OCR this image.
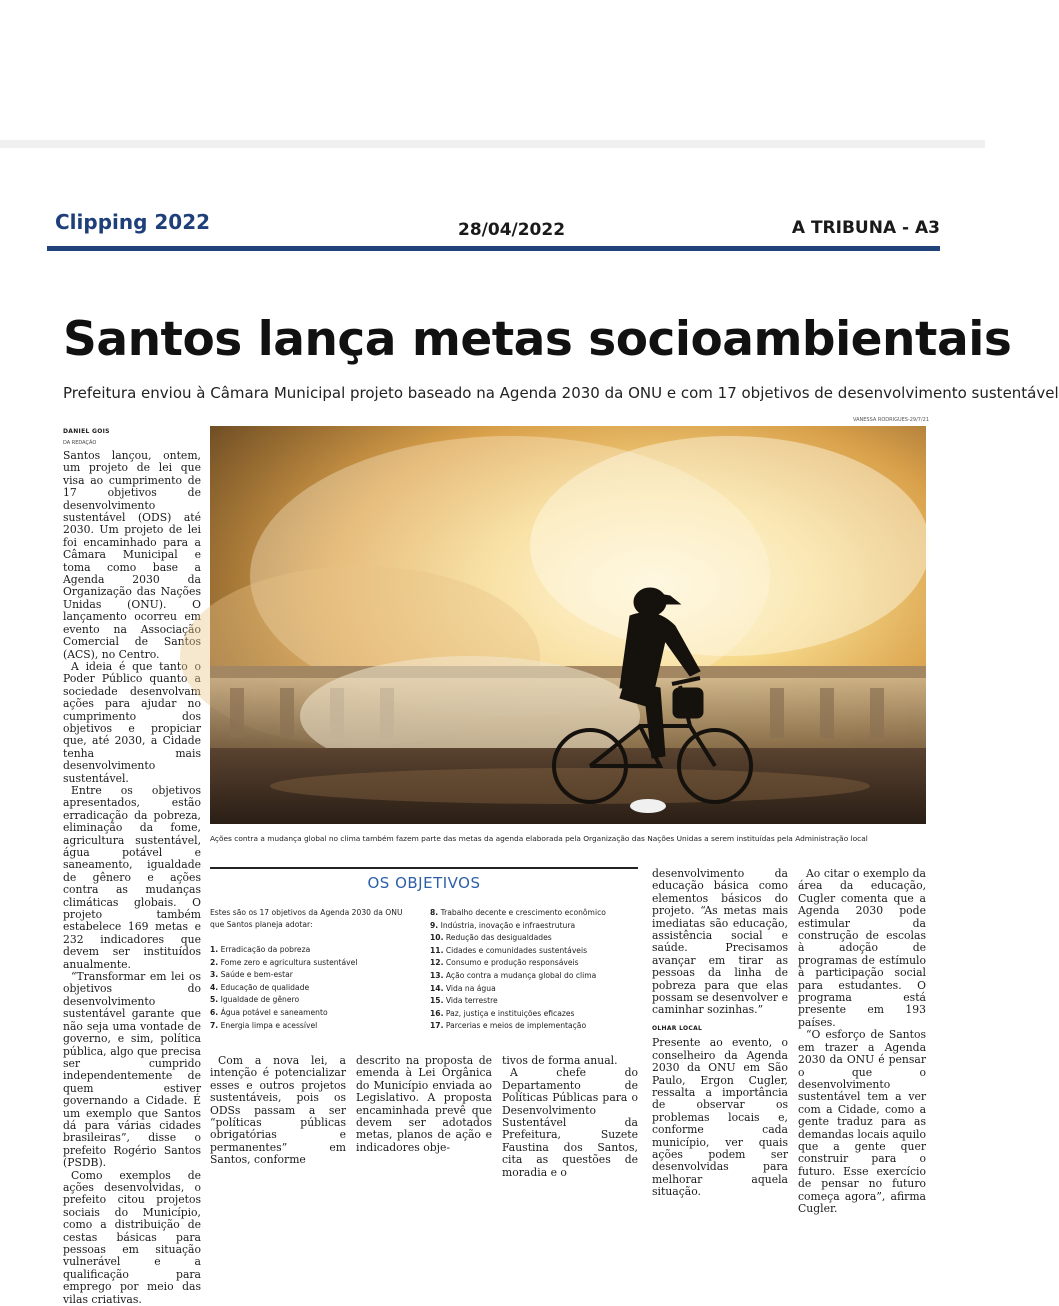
Clipping 2022	28/04/2022	A TRIBUNA - A3
Santos lança metas socioambientais
Prefeitura enviou à Câmara Municipal projeto baseado na Agenda 2030 da ONU e com 17 objetivos de desenvolvimento sustentável
DANIEL GOIS
DA REDAÇÃO
VANESSA RODRIGUES-29/7/21

Santos lançou, ontem, um projeto de lei que visa ao cumprimento de 17 objetivos de desenvolvimento sustentável (ODS) até 2030. Um projeto de lei foi encaminhado para a Câmara Municipal e toma como base a Agenda 2030 da Organização das Nações Unidas (ONU). O lançamento ocorreu em evento na Associação Comercial de Santos (ACS), no Centro.

A ideia é que tanto o Poder Público quanto a sociedade desenvolvam ações para ajudar no cumprimento dos objetivos e propiciar que, até 2030, a Cidade tenha mais desenvolvimento sustentável.

Entre os objetivos apresentados, estão erradicação da pobreza, eliminação da fome, agricultura sustentável, água potável e saneamento, igualdade de gênero e ações contra as mudanças climáticas globais. O projeto também estabelece 169 metas e 232 indicadores que devem ser instituídos anualmente.

“Transformar em lei os objetivos do desenvolvimento sustentável garante que não seja uma vontade de governo, e sim, política pública, algo que precisa ser cumprido independentemente de quem estiver governando a Cidade. É um exemplo que Santos dá para várias cidades brasileiras”, disse o prefeito Rogério Santos (PSDB).

Como exemplos de ações desenvolvidas, o prefeito citou projetos sociais do Município, como a distribuição de cestas básicas para pessoas em situação vulnerável e a qualificação para emprego por meio das vilas criativas.

Ações contra a mudança global no clima também fazem parte das metas da agenda elaborada pela Organização das Nações Unidas a serem instituídas pela Administração local
OS OBJETIVOS
Estes são os 17 objetivos da Agenda 2030 da ONU que Santos planeja adotar:
1. Erradicação da pobreza
2. Fome zero e agricultura sustentável
3. Saúde e bem-estar
4. Educação de qualidade
5. Igualdade de gênero
6. Água potável e saneamento
7. Energia limpa e acessível
8. Trabalho decente e crescimento econômico
9. Indústria, inovação e infraestrutura
10. Redução das desigualdades
11. Cidades e comunidades sustentáveis
12. Consumo e produção responsáveis
13. Ação contra a mudança global do clima
14. Vida na água
15. Vida terrestre
16. Paz, justiça e instituições eficazes
17. Parcerias e meios de implementação

Com a nova lei, a intenção é potencializar esses e outros projetos sustentáveis, pois os ODSs passam a ser “políticas públicas obrigatórias e permanentes” em Santos, conforme

descrito na proposta de emenda à Lei Orgânica do Município enviada ao Legislativo. A proposta encaminhada prevê que devem ser adotados metas, planos de ação e indicadores obje-

tivos de forma anual.

A chefe do Departamento de Políticas Públicas para o Desenvolvimento Sustentável da Prefeitura, Suzete Faustina dos Santos, cita as questões de moradia e o

desenvolvimento da educação básica como elementos básicos do projeto. “As metas mais imediatas são educação, assistência social e saúde. Precisamos avançar em tirar as pessoas da linha de pobreza para que elas possam se desenvolver e caminhar sozinhas.”

OLHAR LOCAL

Presente ao evento, o conselheiro da Agenda 2030 da ONU em São Paulo, Ergon Cugler, ressalta a importância de observar os problemas locais e, conforme cada município, ver quais ações podem ser desenvolvidas para melhorar aquela situação.

Ao citar o exemplo da área da educação, Cugler comenta que a Agenda 2030 pode estimular da construção de escolas à adoção de programas de estímulo à participação social para estudantes. O programa está presente em 193 países.

“O esforço de Santos em trazer a Agenda 2030 da ONU é pensar o que o desenvolvimento sustentável tem a ver com a Cidade, como a gente traduz para as demandas locais aquilo que a gente quer construir para o futuro. Esse exercício de pensar no futuro começa agora”, afirma Cugler.
